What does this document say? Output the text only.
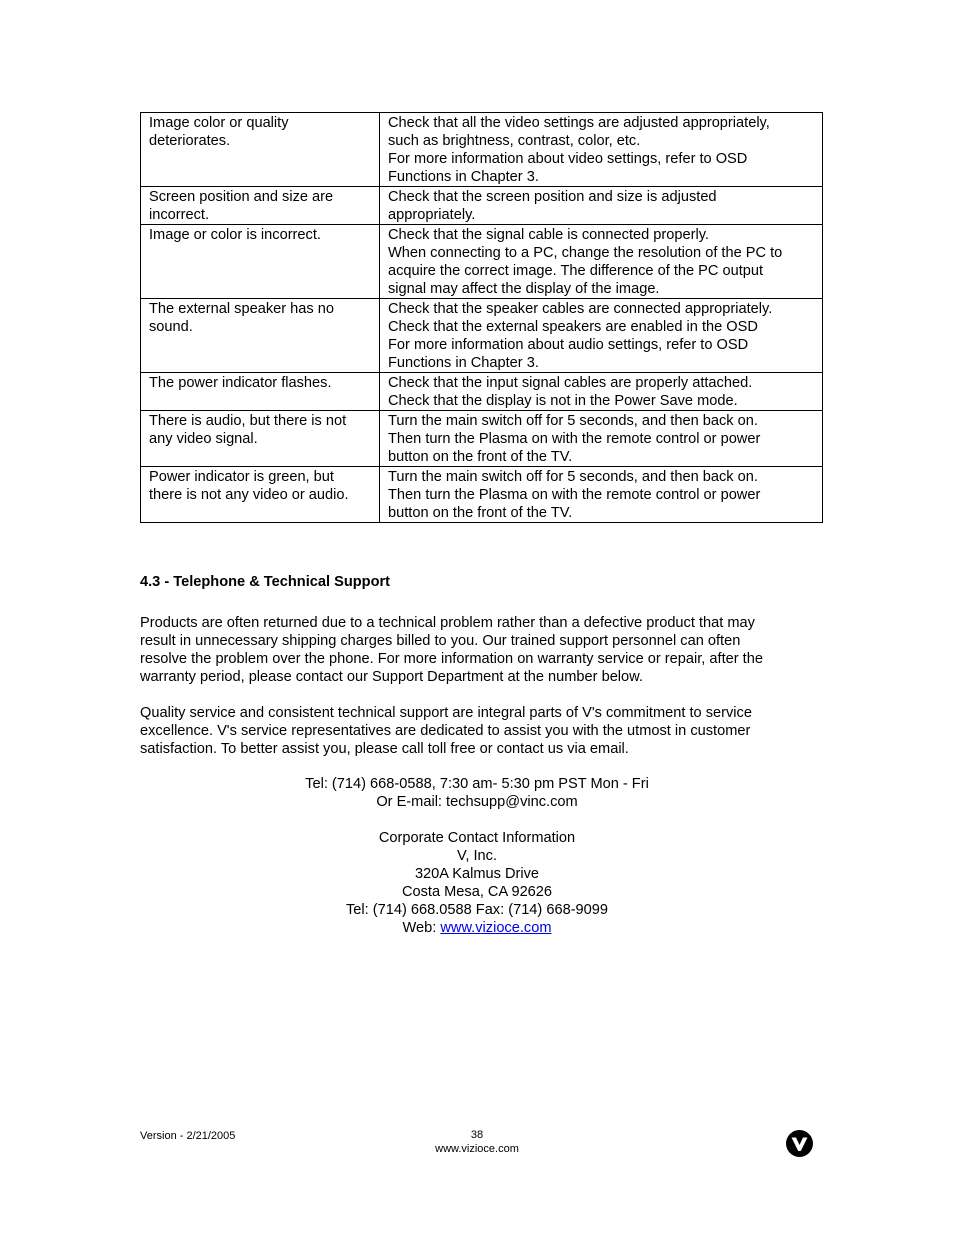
Image color or quality
deteriorates.	Check that all the video settings are adjusted appropriately,
such as brightness, contrast, color, etc.
For more information about video settings, refer to OSD
Functions in Chapter 3.

Screen position and size are
incorrect.	Check that the screen position and size is adjusted
appropriately.

Image or color is incorrect.	Check that the signal cable is connected properly.
When connecting to a PC, change the resolution of the PC to
acquire the correct image. The difference of the PC output
signal may affect the display of the image.

The external speaker has no
sound.	Check that the speaker cables are connected appropriately.
Check that the external speakers are enabled in the OSD
For more information about audio settings, refer to OSD
Functions in Chapter 3.

The power indicator flashes.	Check that the input signal cables are properly attached.
Check that the display is not in the Power Save mode.

There is audio, but there is not
any video signal.	Turn the main switch off for 5 seconds, and then back on.
Then turn the Plasma on with the remote control or power
button on the front of the TV.

Power indicator is green, but
there is not any video or audio.	Turn the main switch off for 5 seconds, and then back on.
Then turn the Plasma on with the remote control or power
button on the front of the TV.
4.3 - Telephone & Technical Support
Products are often returned due to a technical problem rather than a defective product that may
result in unnecessary shipping charges billed to you. Our trained support personnel can often
resolve the problem over the phone. For more information on warranty service or repair, after the
warranty period, please contact our Support Department at the number below.
Quality service and consistent technical support are integral parts of V's commitment to service
excellence. V's service representatives are dedicated to assist you with the utmost in customer
satisfaction. To better assist you, please call toll free or contact us via email.
Tel: (714) 668-0588, 7:30 am- 5:30 pm PST Mon - Fri
Or E-mail: techsupp@vinc.com
Corporate Contact Information
V, Inc.
320A Kalmus Drive
Costa Mesa, CA 92626
Tel: (714) 668.0588 Fax: (714) 668-9099
Web: www.vizioce.com
Version - 2/21/2005	38
www.vizioce.com
